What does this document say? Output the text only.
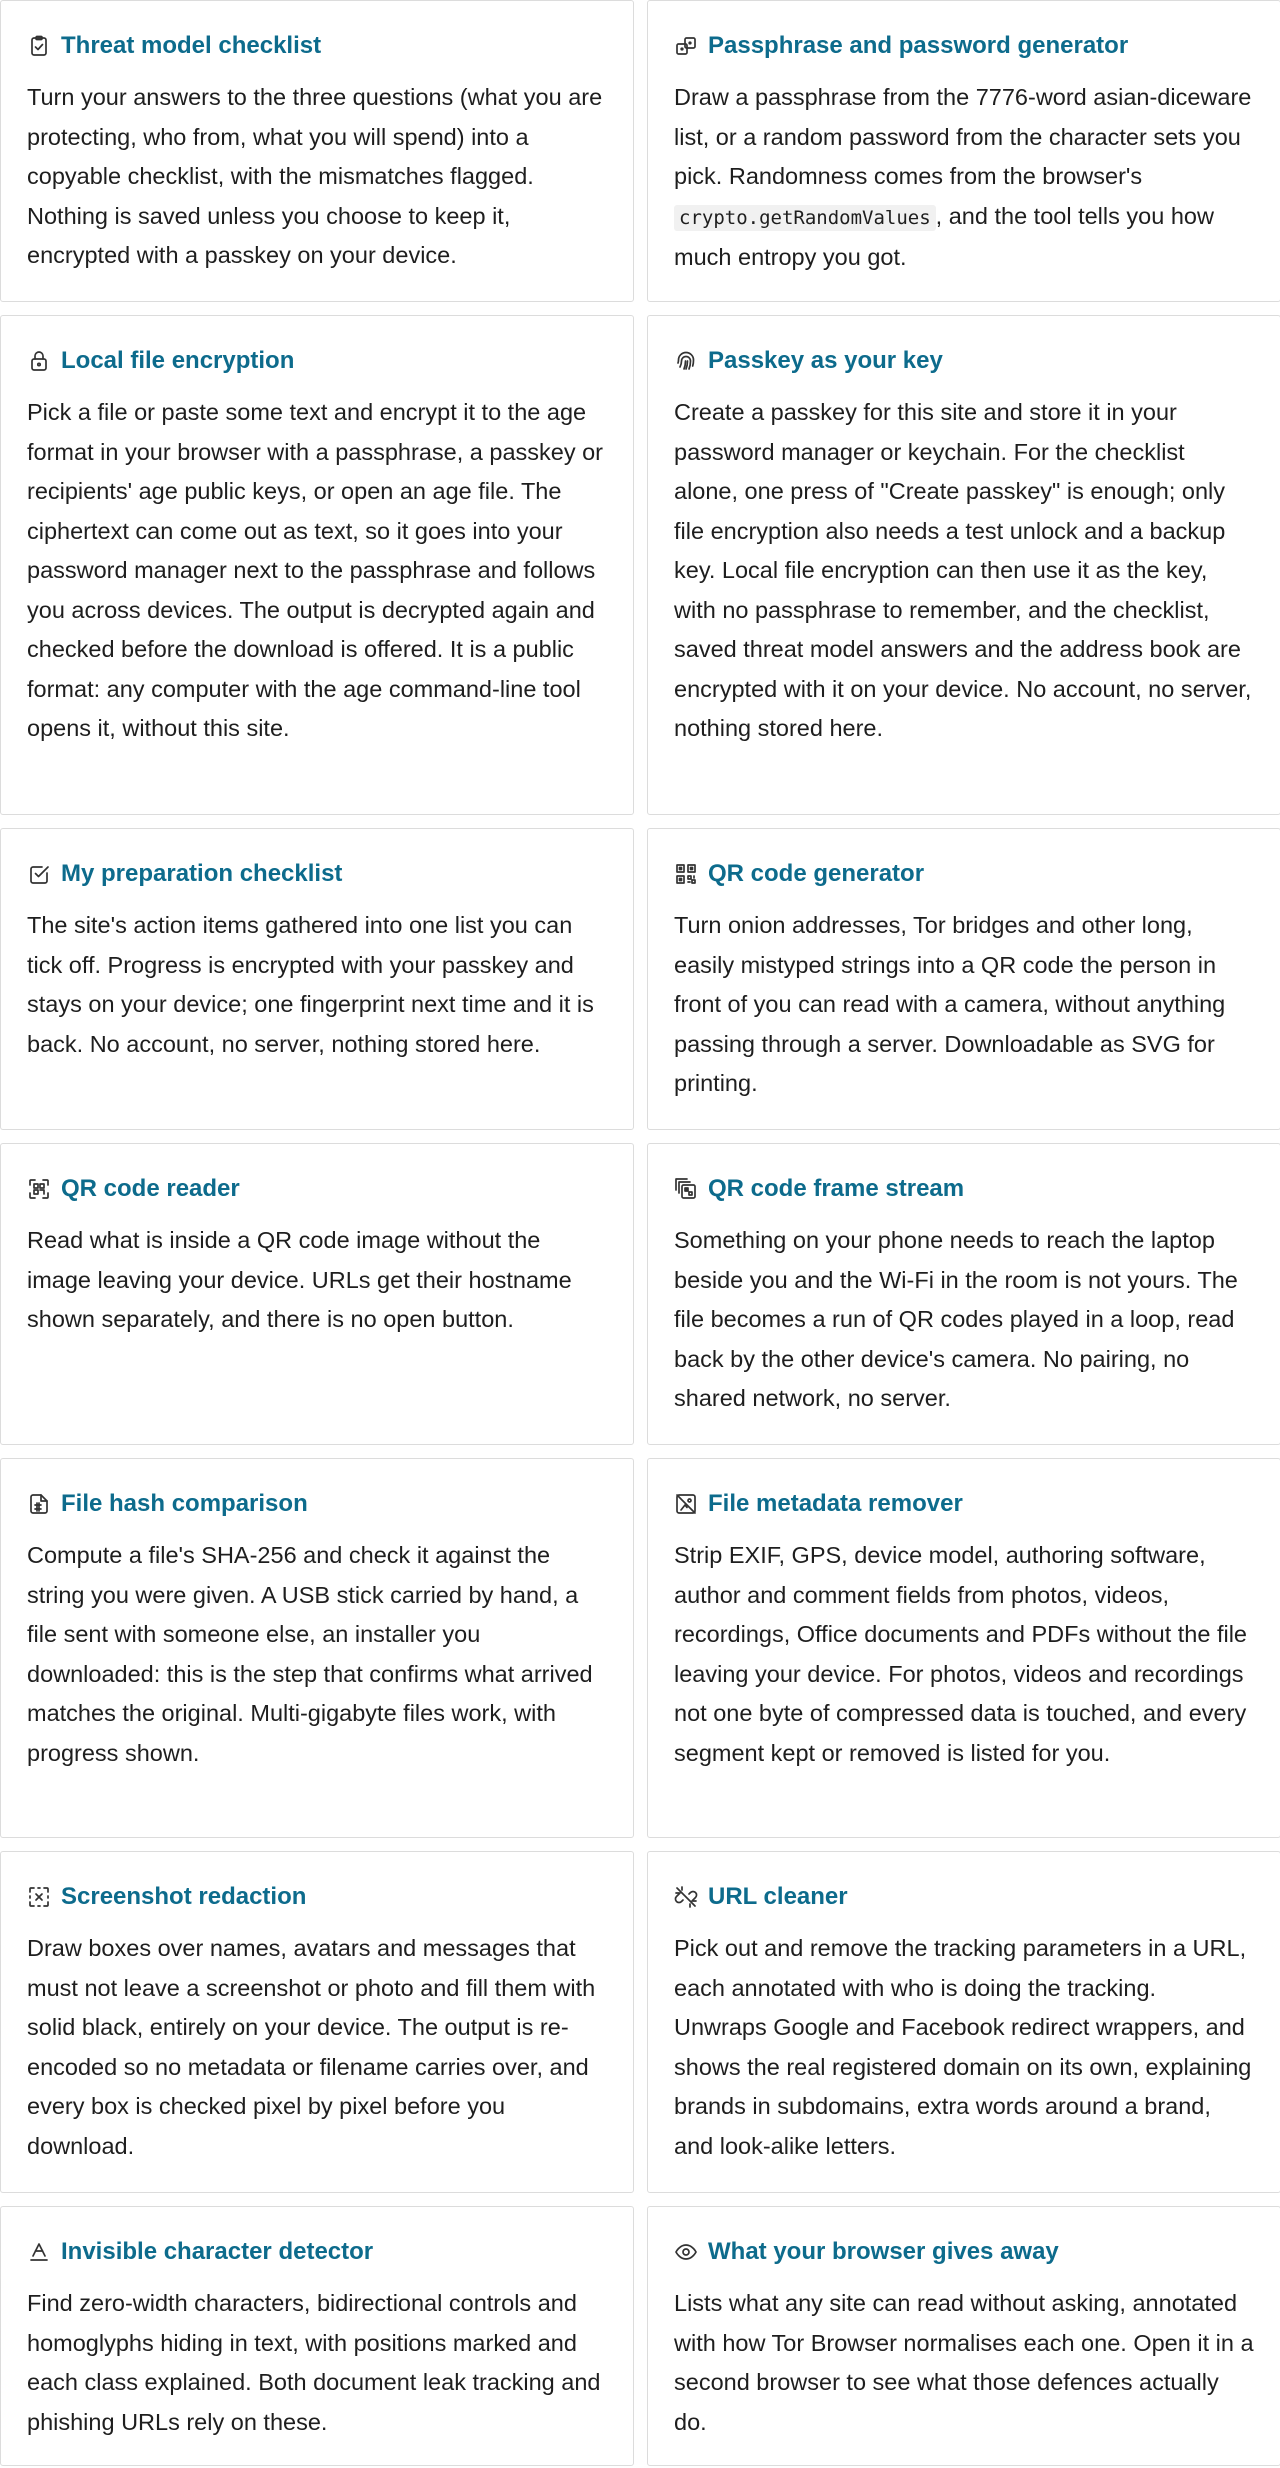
Threat model checklist

Turn your answers to the three questions (what you are protecting, who from, what you will spend) into a copyable checklist, with the mismatches flagged. Nothing is saved unless you choose to keep it, encrypted with a passkey on your device.

Passphrase and password generator

Draw a passphrase from the 7776-word asian-diceware list, or a random password from the character sets you pick. Randomness comes from the browser's crypto.getRandomValues , and the tool tells you how much entropy you got.

Local file encryption

Pick a file or paste some text and encrypt it to the age format in your browser with a passphrase, a passkey or recipients' age public keys, or open an age file. The ciphertext can come out as text, so it goes into your password manager next to the passphrase and follows you across devices. The output is decrypted again and checked before the download is offered. It is a public format: any computer with the age command-line tool opens it, without this site.

Passkey as your key

Create a passkey for this site and store it in your password manager or keychain. For the checklist alone, one press of "Create passkey" is enough; only file encryption also needs a test unlock and a backup key. Local file encryption can then use it as the key, with no passphrase to remember, and the checklist, saved threat model answers and the address book are encrypted with it on your device. No account, no server, nothing stored here.

My preparation checklist

The site's action items gathered into one list you can tick off. Progress is encrypted with your passkey and stays on your device; one fingerprint next time and it is back. No account, no server, nothing stored here.

QR code generator

Turn onion addresses, Tor bridges and other long, easily mistyped strings into a QR code the person in front of you can read with a camera, without anything passing through a server. Downloadable as SVG for printing.

QR code reader

Read what is inside a QR code image without the image leaving your device. URLs get their hostname shown separately, and there is no open button.

QR code frame stream

Something on your phone needs to reach the laptop beside you and the Wi-Fi in the room is not yours. The file becomes a run of QR codes played in a loop, read back by the other device's camera. No pairing, no shared network, no server.

File hash comparison

Compute a file's SHA-256 and check it against the string you were given. A USB stick carried by hand, a file sent with someone else, an installer you downloaded: this is the step that confirms what arrived matches the original. Multi-gigabyte files work, with progress shown.

File metadata remover

Strip EXIF, GPS, device model, authoring software, author and comment fields from photos, videos, recordings, Office documents and PDFs without the file leaving your device. For photos, videos and recordings not one byte of compressed data is touched, and every segment kept or removed is listed for you.

Screenshot redaction

Draw boxes over names, avatars and messages that must not leave a screenshot or photo and fill them with solid black, entirely on your device. The output is re-encoded so no metadata or filename carries over, and every box is checked pixel by pixel before you download.

URL cleaner

Pick out and remove the tracking parameters in a URL, each annotated with who is doing the tracking. Unwraps Google and Facebook redirect wrappers, and shows the real registered domain on its own, explaining brands in subdomains, extra words around a brand, and look-alike letters.

Invisible character detector

Find zero-width characters, bidirectional controls and homoglyphs hiding in text, with positions marked and each class explained. Both document leak tracking and phishing URLs rely on these.

What your browser gives away

Lists what any site can read without asking, annotated with how Tor Browser normalises each one. Open it in a second browser to see what those defences actually do.
